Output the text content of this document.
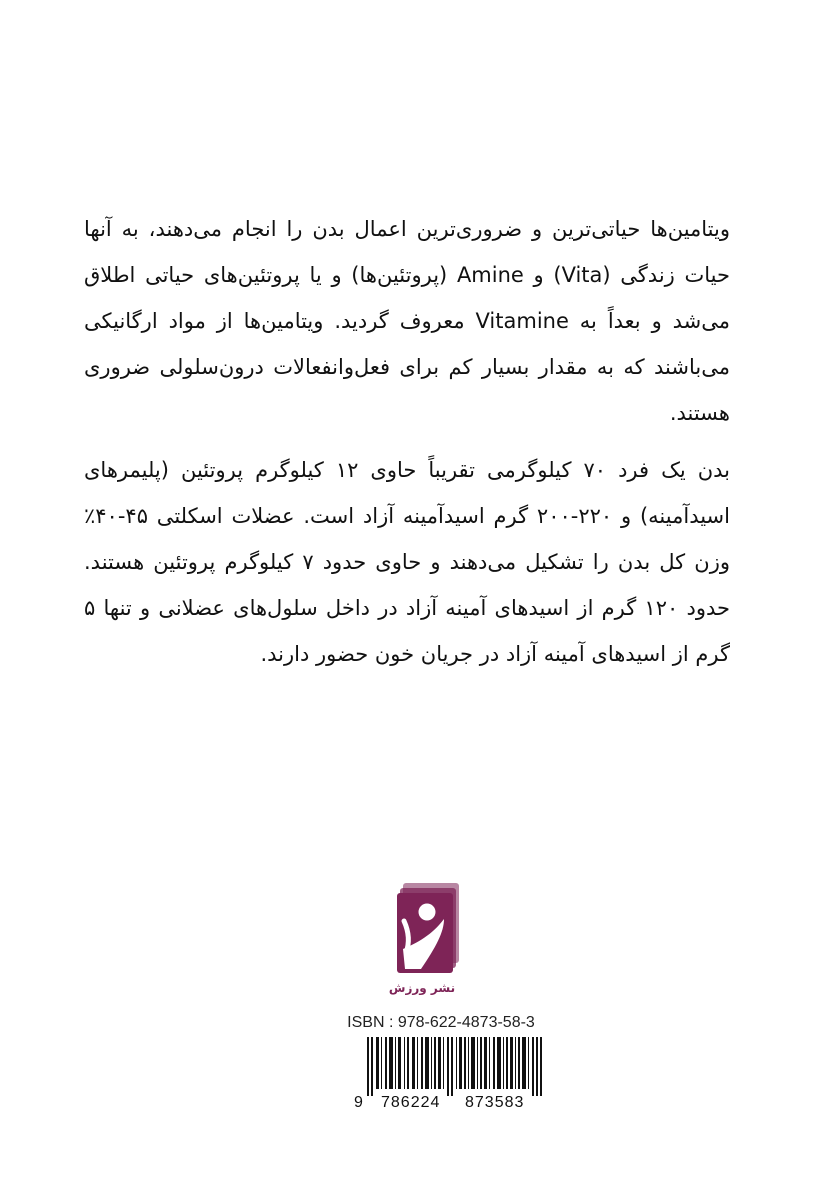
ویتامین‌ها حیاتی‌ترین و ضروری‌ترین اعمال بدن را انجام می‌دهند، به آنها حیات زندگی (Vita) و Amine (پروتئین‌ها) و یا پروتئین‌های حیاتی اطلاق می‌شد و بعداً به Vitamine معروف گردید. ویتامین‌ها از مواد ارگانیکی می‌باشند که به مقدار بسیار کم برای فعل‌وانفعالات درون‌سلولی ضروری هستند.

بدن یک فرد ۷۰ کیلوگرمی تقریباً حاوی ۱۲ کیلوگرم پروتئین (پلیمرهای اسیدآمینه) و ۲۲۰-۲۰۰ گرم اسیدآمینه آزاد است. عضلات اسکلتی ۴۵-۴۰٪ وزن کل بدن را تشکیل می‌دهند و حاوی حدود ۷ کیلوگرم پروتئین هستند. حدود ۱۲۰ گرم از اسیدهای آمینه آزاد در داخل سلول‌های عضلانی و تنها ۵ گرم از اسیدهای آمینه آزاد در جریان خون حضور دارند.

نشر ورزش
ISBN : 978-622-4873-58-3
9 786224 873583
